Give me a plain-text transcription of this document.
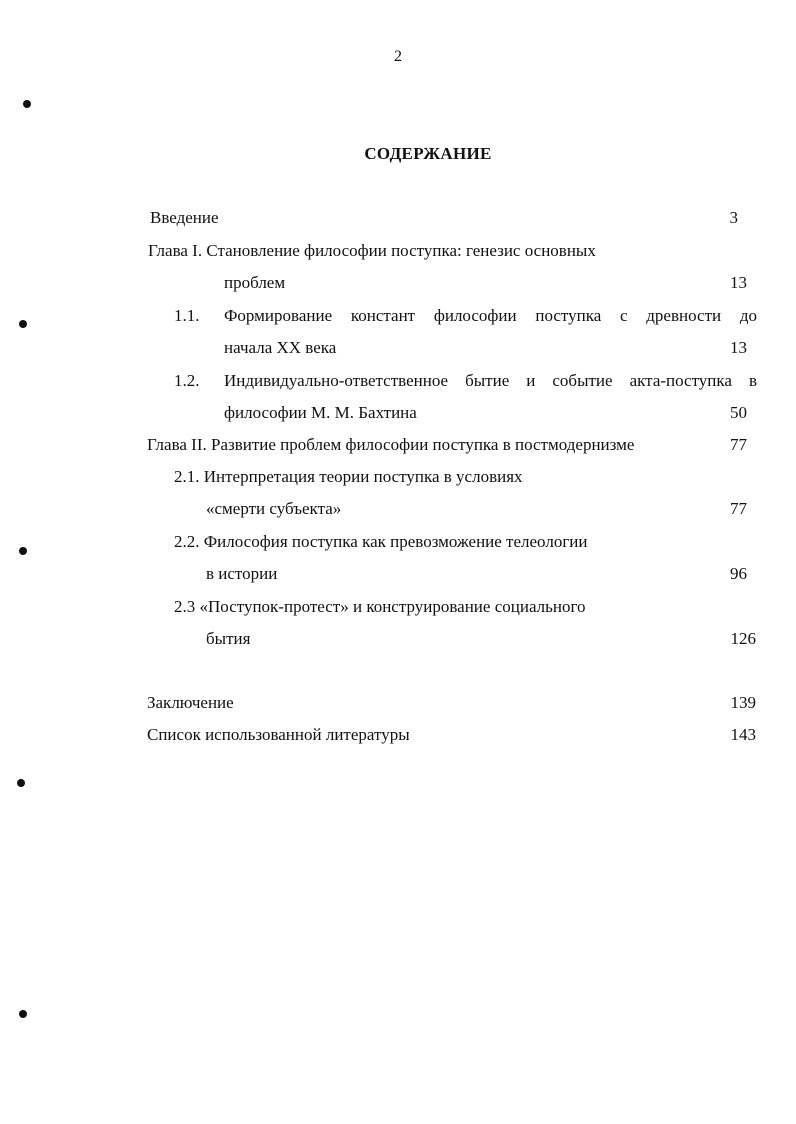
2
СОДЕРЖАНИЕ
Введение	3
Глава I. Становление философии поступка: генезис основных
проблем	13
1.1. Формирование констант философии поступка с древности до
начала XX века	13
1.2. Индивидуально-ответственное бытие и событие акта-поступка в
философии М. М. Бахтина	50
Глава II. Развитие проблем философии поступка в постмодернизме	77
2.1. Интерпретация теории поступка в условиях
«смерти субъекта»	77
2.2. Философия поступка как превозможение телеологии
в истории	96
2.3 «Поступок-протест» и конструирование социального
бытия	126
Заключение	139
Список использованной литературы	143
